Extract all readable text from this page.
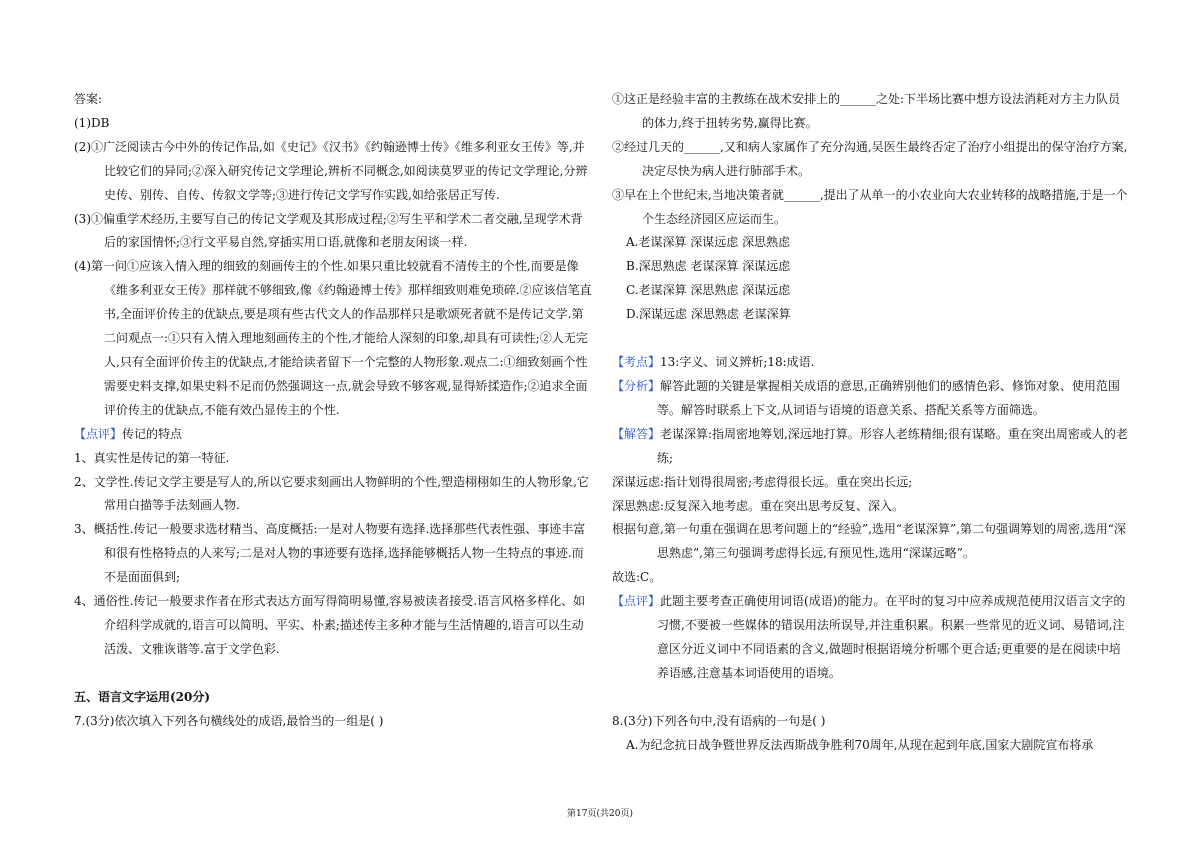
答案:

(1)DB

(2)①广泛阅读古今中外的传记作品,如《史记》《汉书》《约翰逊博士传》《维多利亚女王传》等,并比较它们的异同;②深入研究传记文学理论,辨析不同概念,如阅读莫罗亚的传记文学理论,分辨史传、别传、自传、传叙文学等;③进行传记文学写作实践,如给张居正写传.

(3)①偏重学术经历,主要写自己的传记文学观及其形成过程;②写生平和学术二者交融,呈现学术背后的家国情怀;③行文平易自然,穿插实用口语,就像和老朋友闲谈一样.

(4)第一问①应该入情入理的细致的刻画传主的个性.如果只重比较就看不清传主的个性,而要是像《维多利亚女王传》那样就不够细致,像《约翰逊博士传》那样细致则难免琐碎.②应该信笔直书,全面评价传主的优缺点,要是项有些古代文人的作品那样只是歌颂死者就不是传记文学.第二问观点一:①只有入情入理地刻画传主的个性,才能给人深刻的印象,却具有可读性;②人无完人,只有全面评价传主的优缺点,才能给读者留下一个完整的人物形象.观点二:①细致刻画个性需要史料支撑,如果史料不足而仍然强调这一点,就会导致不够客观,显得矫揉造作;②追求全面评价传主的优缺点,不能有效凸显传主的个性.

【点评】传记的特点

1、真实性是传记的第一特征.

2、文学性.传记文学主要是写人的,所以它要求刻画出人物鲜明的个性,塑造栩栩如生的人物形象,它常用白描等手法刻画人物.

3、概括性.传记一般要求选材精当、高度概括:一是对人物要有选择.选择那些代表性强、事迹丰富和很有性格特点的人来写;二是对人物的事迹要有选择,选择能够概括人物一生特点的事迹.而不是面面俱到;

4、通俗性.传记一般要求作者在形式表达方面写得简明易懂,容易被读者接受.语言风格多样化、如介绍科学成就的,语言可以简明、平实、朴素;描述传主多种才能与生活情趣的,语言可以生动活泼、文雅诙谐等.富于文学色彩.

五、语言文字运用(20分)

7.(3分)依次填入下列各句横线处的成语,最恰当的一组是( )

①这正是经验丰富的主教练在战术安排上的______之处:下半场比赛中想方设法消耗对方主力队员的体力,终于扭转劣势,赢得比赛。

②经过几天的______,又和病人家属作了充分沟通,吴医生最终否定了治疗小组提出的保守治疗方案,决定尽快为病人进行肺部手术。

③早在上个世纪末,当地决策者就______,提出了从单一的小农业向大农业转移的战略措施,于是一个个生态经济园区应运而生。

A.老谋深算 深谋远虑 深思熟虑

B.深思熟虑 老谋深算 深谋远虑

C.老谋深算 深思熟虑 深谋远虑

D.深谋远虑 深思熟虑 老谋深算

【考点】13:字义、词义辨析;18:成语.

【分析】解答此题的关键是掌握相关成语的意思,正确辨别他们的感情色彩、修饰对象、使用范围等。解答时联系上下文,从词语与语境的语意关系、搭配关系等方面筛选。

【解答】老谋深算:指周密地筹划,深远地打算。形容人老练精细;很有谋略。重在突出周密或人的老练;

深谋远虑:指计划得很周密;考虑得很长远。重在突出长远;

深思熟虑:反复深入地考虑。重在突出思考反复、深入。

根据句意,第一句重在强调在思考问题上的“经验”,选用“老谋深算”,第二句强调筹划的周密,选用“深思熟虑”,第三句强调考虑得长远,有预见性,选用“深谋远略”。

故选:C。

【点评】此题主要考查正确使用词语(成语)的能力。在平时的复习中应养成规范使用汉语言文字的习惯,不要被一些媒体的错误用法所误导,并注重积累。积累一些常见的近义词、易错词,注意区分近义词中不同语素的含义,做题时根据语境分析哪个更合适;更重要的是在阅读中培养语感,注意基本词语使用的语境。

8.(3分)下列各句中,没有语病的一句是( )

A.为纪念抗日战争暨世界反法西斯战争胜利70周年,从现在起到年底,国家大剧院宣布将承

第17页(共20页)
